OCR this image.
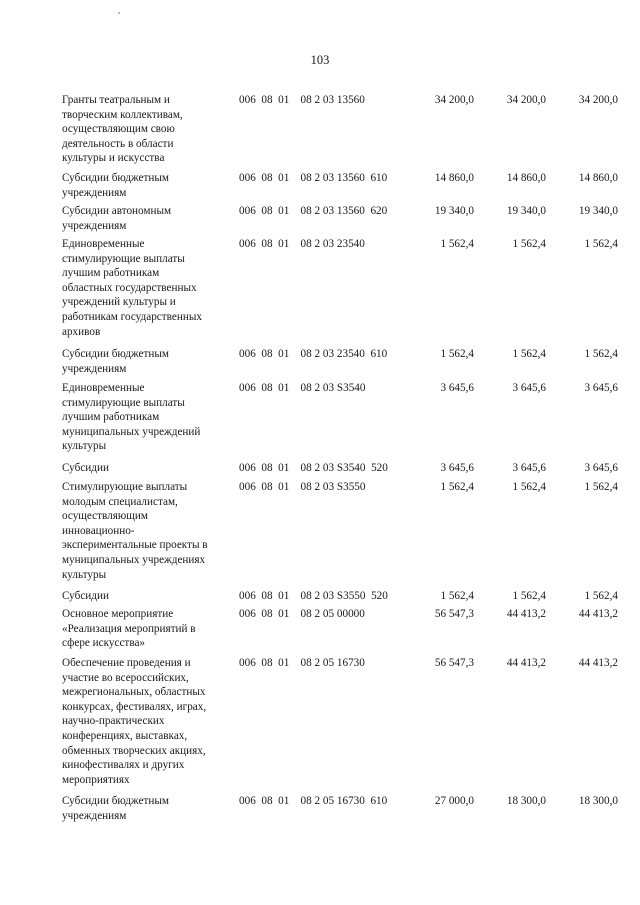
103
Гранты театральным и
творческим коллективам,
осуществляющим свою
деятельность в области
культуры и искусства
006  08  01    08 2 03 13560	34 200,0	34 200,0	34 200,0
Субсидии бюджетным
учреждениям
006  08  01    08 2 03 13560  610	14 860,0	14 860,0	14 860,0
Субсидии автономным
учреждениям
006  08  01    08 2 03 13560  620	19 340,0	19 340,0	19 340,0
Единовременные
стимулирующие выплаты
лучшим работникам
областных государственных
учреждений культуры и
работникам государственных
архивов
006  08  01    08 2 03 23540	1 562,4	1 562,4	1 562,4
Субсидии бюджетным
учреждениям
006  08  01    08 2 03 23540  610	1 562,4	1 562,4	1 562,4
Единовременные
стимулирующие выплаты
лучшим работникам
муниципальных учреждений
культуры
006  08  01    08 2 03 S3540	3 645,6	3 645,6	3 645,6
Субсидии	006  08  01    08 2 03 S3540  520	3 645,6	3 645,6	3 645,6
Стимулирующие выплаты
молодым специалистам,
осуществляющим
инновационно-
экспериментальные проекты в
муниципальных учреждениях
культуры
006  08  01    08 2 03 S3550	1 562,4	1 562,4	1 562,4
Субсидии	006  08  01    08 2 03 S3550  520	1 562,4	1 562,4	1 562,4
Основное мероприятие
«Реализация мероприятий в
сфере искусства»
006  08  01    08 2 05 00000	56 547,3	44 413,2	44 413,2
Обеспечение проведения и
участие во всероссийских,
межрегиональных, областных
конкурсах, фестивалях, играх,
научно-практических
конференциях, выставках,
обменных творческих акциях,
кинофестивалях и других
мероприятиях
006  08  01    08 2 05 16730	56 547,3	44 413,2	44 413,2
Субсидии бюджетным
учреждениям
006  08  01    08 2 05 16730  610	27 000,0	18 300,0	18 300,0
